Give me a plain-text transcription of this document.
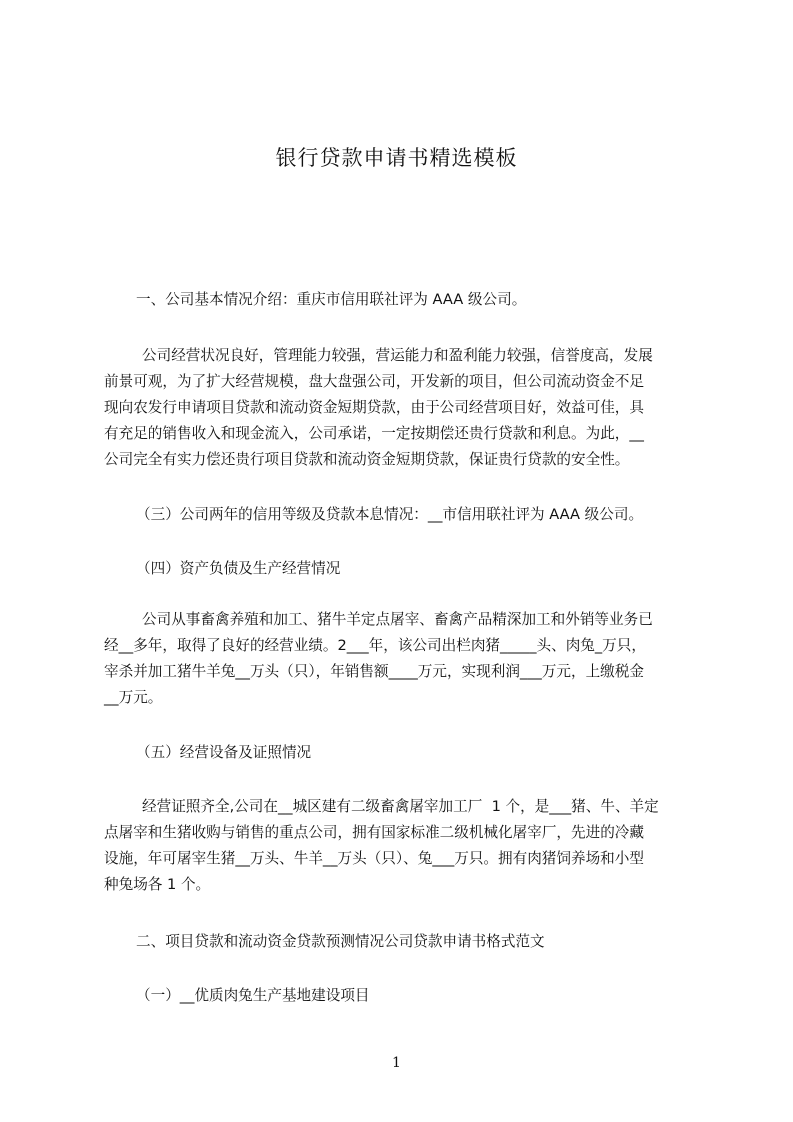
银行贷款申请书精选模板
一、公司基本情况介绍：重庆市信用联社评为 AAA 级公司。
公司经营状况良好，管理能力较强，营运能力和盈利能力较强，信誉度高，发展
前景可观，为了扩大经营规模，盘大盘强公司，开发新的项目，但公司流动资金不足
现向农发行申请项目贷款和流动资金短期贷款，由于公司经营项目好，效益可佳，具
有充足的销售收入和现金流入，公司承诺，一定按期偿还贵行贷款和利息。为此，__
公司完全有实力偿还贵行项目贷款和流动资金短期贷款，保证贵行贷款的安全性。
（三）公司两年的信用等级及贷款本息情况：__市信用联社评为 AAA 级公司。
（四）资产负债及生产经营情况
公司从事畜禽养殖和加工、猪牛羊定点屠宰、畜禽产品精深加工和外销等业务已
经__多年，取得了良好的经营业绩。2___年，该公司出栏肉猪_____头、肉兔_万只，
宰杀并加工猪牛羊兔__万头（只），年销售额____万元，实现利润___万元，上缴税金
__万元。
（五）经营设备及证照情况
经营证照齐全,公司在__城区建有二级畜禽屠宰加工厂  1 个，是___猪、牛、羊定
点屠宰和生猪收购与销售的重点公司，拥有国家标准二级机械化屠宰厂，先进的冷藏
设施，年可屠宰生猪__万头、牛羊__万头（只）、兔___万只。拥有肉猪饲养场和小型
种兔场各 1 个。
二、项目贷款和流动资金贷款预测情况公司贷款申请书格式范文
（一）__优质肉兔生产基地建设项目
1
